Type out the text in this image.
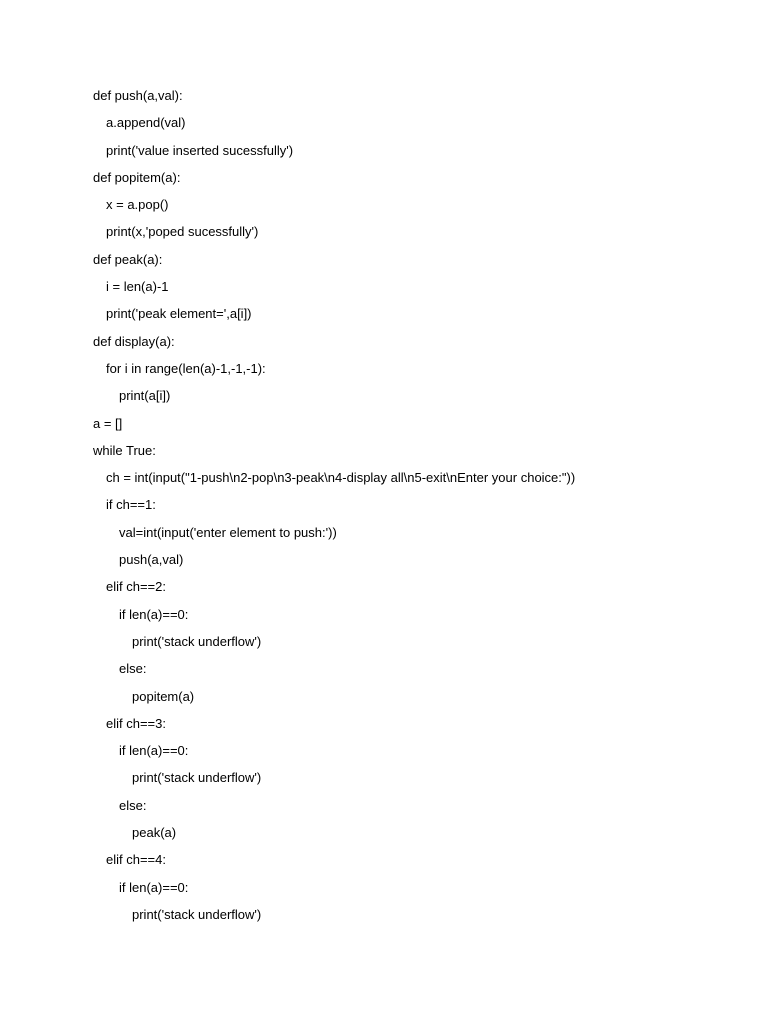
def push(a,val):
a.append(val)
print('value inserted sucessfully')
def popitem(a):
x = a.pop()
print(x,'poped sucessfully')
def peak(a):
i = len(a)-1
print('peak element=',a[i])
def display(a):
for i in range(len(a)-1,-1,-1):
print(a[i])
a = []
while True:
ch = int(input("1-push\n2-pop\n3-peak\n4-display all\n5-exit\nEnter your choice:"))
if ch==1:
val=int(input('enter element to push:'))
push(a,val)
elif ch==2:
if len(a)==0:
print('stack underflow')
else:
popitem(a)
elif ch==3:
if len(a)==0:
print('stack underflow')
else:
peak(a)
elif ch==4:
if len(a)==0:
print('stack underflow')
